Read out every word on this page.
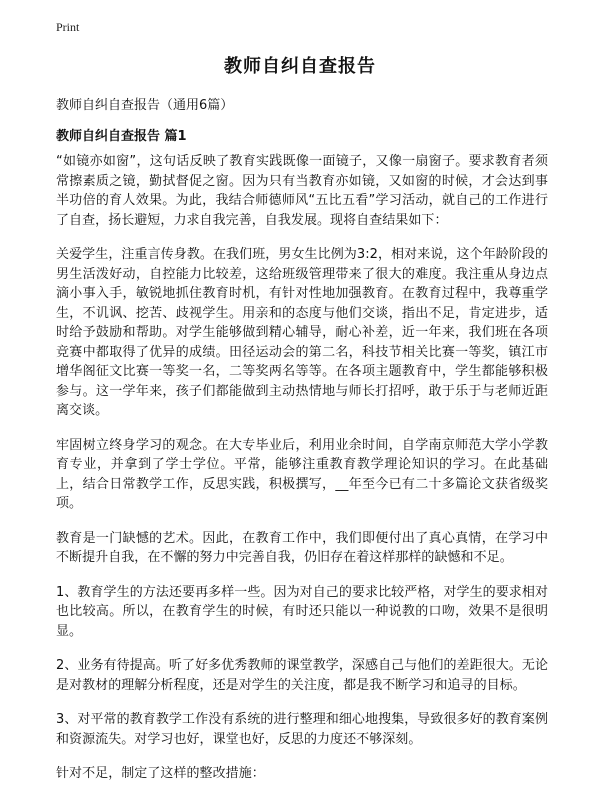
Print
教师自纠自查报告

教师自纠自查报告（通用6篇）

教师自纠自查报告 篇1

“如镜亦如窗”，这句话反映了教育实践既像一面镜子，又像一扇窗子。要求教育者须常擦素质之镜，勤拭督促之窗。因为只有当教育亦如镜，又如窗的时候，才会达到事半功倍的育人效果。为此，我结合师德师风“五比五看”学习活动，就自己的工作进行了自查，扬长避短，力求自我完善，自我发展。现将自查结果如下：

关爱学生，注重言传身教。在我们班，男女生比例为3:2，相对来说，这个年龄阶段的男生活泼好动，自控能力比较差，这给班级管理带来了很大的难度。我注重从身边点滴小事入手，敏锐地抓住教育时机，有针对性地加强教育。在教育过程中，我尊重学生，不讥讽、挖苦、歧视学生。用亲和的态度与他们交谈，指出不足，肯定进步，适时给予鼓励和帮助。对学生能够做到精心辅导，耐心补差，近一年来，我们班在各项竞赛中都取得了优异的成绩。田径运动会的第二名，科技节相关比赛一等奖，镇江市增华阁征文比赛一等奖一名，二等奖两名等等。在各项主题教育中，学生都能够积极参与。这一学年来，孩子们都能做到主动热情地与师长打招呼，敢于乐于与老师近距离交谈。

牢固树立终身学习的观念。在大专毕业后，利用业余时间，自学南京师范大学小学教育专业，并拿到了学士学位。平常，能够注重教育教学理论知识的学习。在此基础上，结合日常教学工作，反思实践，积极撰写，__年至今已有二十多篇论文获省级奖项。

教育是一门缺憾的艺术。因此，在教育工作中，我们即便付出了真心真情，在学习中不断提升自我，在不懈的努力中完善自我，仍旧存在着这样那样的缺憾和不足。

1、教育学生的方法还要再多样一些。因为对自己的要求比较严格，对学生的要求相对也比较高。所以，在教育学生的时候，有时还只能以一种说教的口吻，效果不是很明显。

2、业务有待提高。听了好多优秀教师的课堂教学，深感自己与他们的差距很大。无论是对教材的理解分析程度，还是对学生的关注度，都是我不断学习和追寻的目标。

3、对平常的教育教学工作没有系统的进行整理和细心地搜集，导致很多好的教育案例和资源流失。对学习也好，课堂也好，反思的力度还不够深刻。

针对不足，制定了这样的整改措施：
